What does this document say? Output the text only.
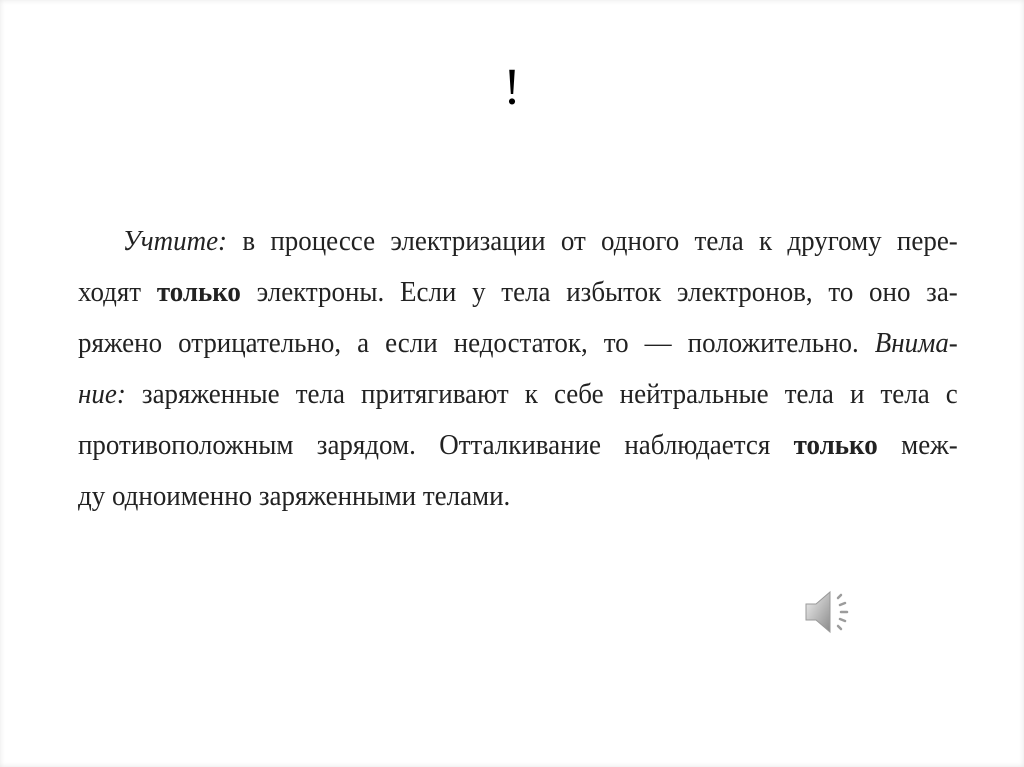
!
Учтите: в процессе электризации от одного тела к другому пере-
ходят только электроны. Если у тела избыток электронов, то оно за-
ряжено отрицательно, а если недостаток, то — положительно. Внима-
ние: заряженные тела притягивают к себе нейтральные тела и тела с
противоположным зарядом. Отталкивание наблюдается только меж-
ду одноименно заряженными телами.
